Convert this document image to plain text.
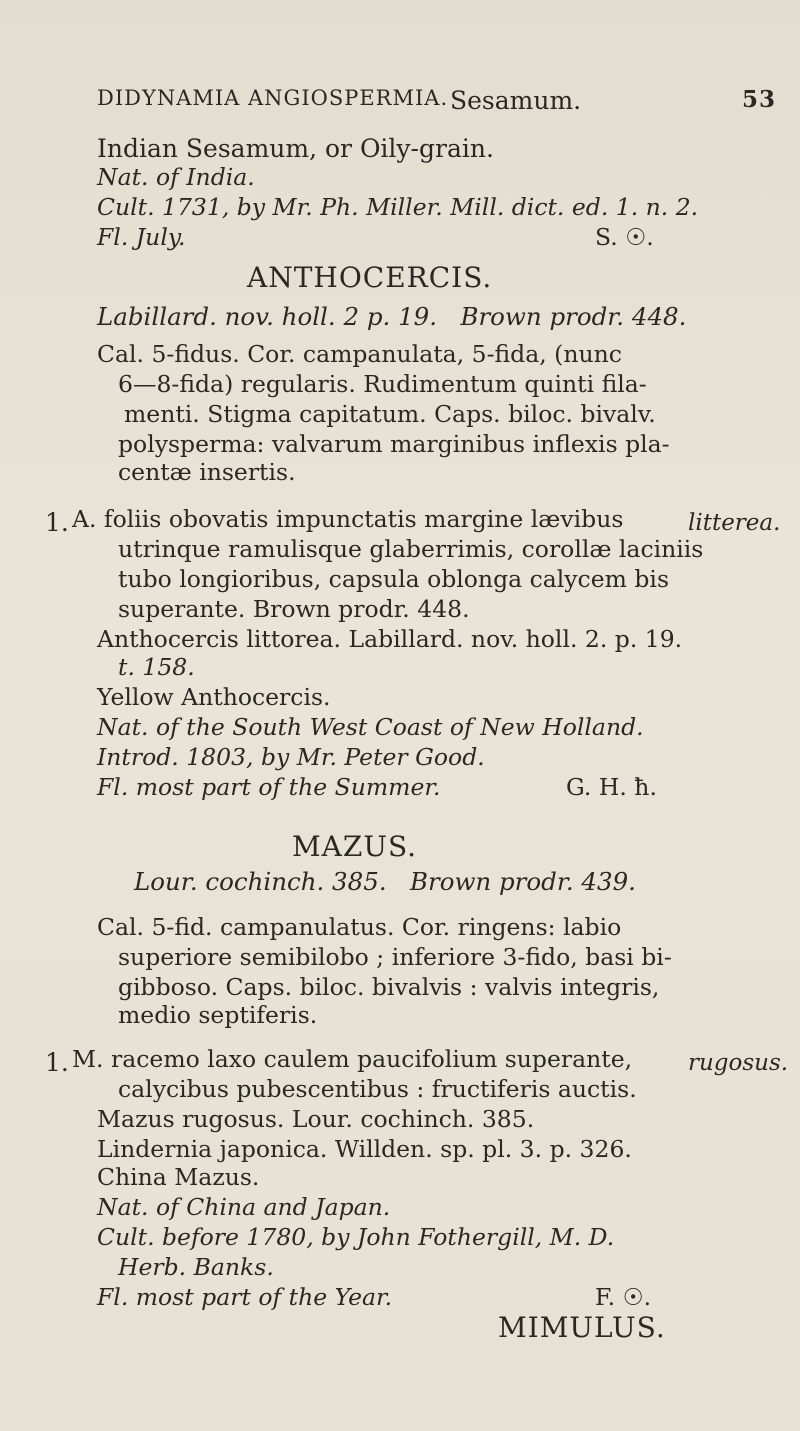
DIDYNAMIA ANGIOSPERMIA. Sesamum.	53
Indian Sesamum, or Oily-grain.
Nat. of India.
Cult. 1731, by Mr. Ph. Miller. Mill. dict. ed. 1. n. 2.
Fl. July.	S. ☉.
ANTHOCERCIS.
Labillard. nov. holl. 2 p. 19. Brown prodr. 448.
Cal. 5-fidus. Cor. campanulata, 5-fida, (nunc
6—8-fida) regularis. Rudimentum quinti fila-
menti. Stigma capitatum. Caps. biloc. bivalv.
polysperma: valvarum marginibus inflexis pla-
centæ insertis.
1. A. foliis obovatis impunctatis margine lævibus	litterea.
utrinque ramulisque glaberrimis, corollæ laciniis
tubo longioribus, capsula oblonga calycem bis
superante. Brown prodr. 448.
Anthocercis littorea. Labillard. nov. holl. 2. p. 19.
t. 158.
Yellow Anthocercis.
Nat. of the South West Coast of New Holland.
Introd. 1803, by Mr. Peter Good.
Fl. most part of the Summer.	G. H. ħ.
MAZUS.
Lour. cochinch. 385. Brown prodr. 439.
Cal. 5-fid. campanulatus. Cor. ringens: labio
superiore semibilobo ; inferiore 3-fido, basi bi-
gibboso. Caps. biloc. bivalvis : valvis integris,
medio septiferis.
1. M. racemo laxo caulem paucifolium superante, rugosus.
calycibus pubescentibus : fructiferis auctis.
Mazus rugosus. Lour. cochinch. 385.
Lindernia japonica. Willden. sp. pl. 3. p. 326.
China Mazus.
Nat. of China and Japan.
Cult. before 1780, by John Fothergill, M. D.
Herb. Banks.
Fl. most part of the Year.	F. ☉.
MIMULUS.
